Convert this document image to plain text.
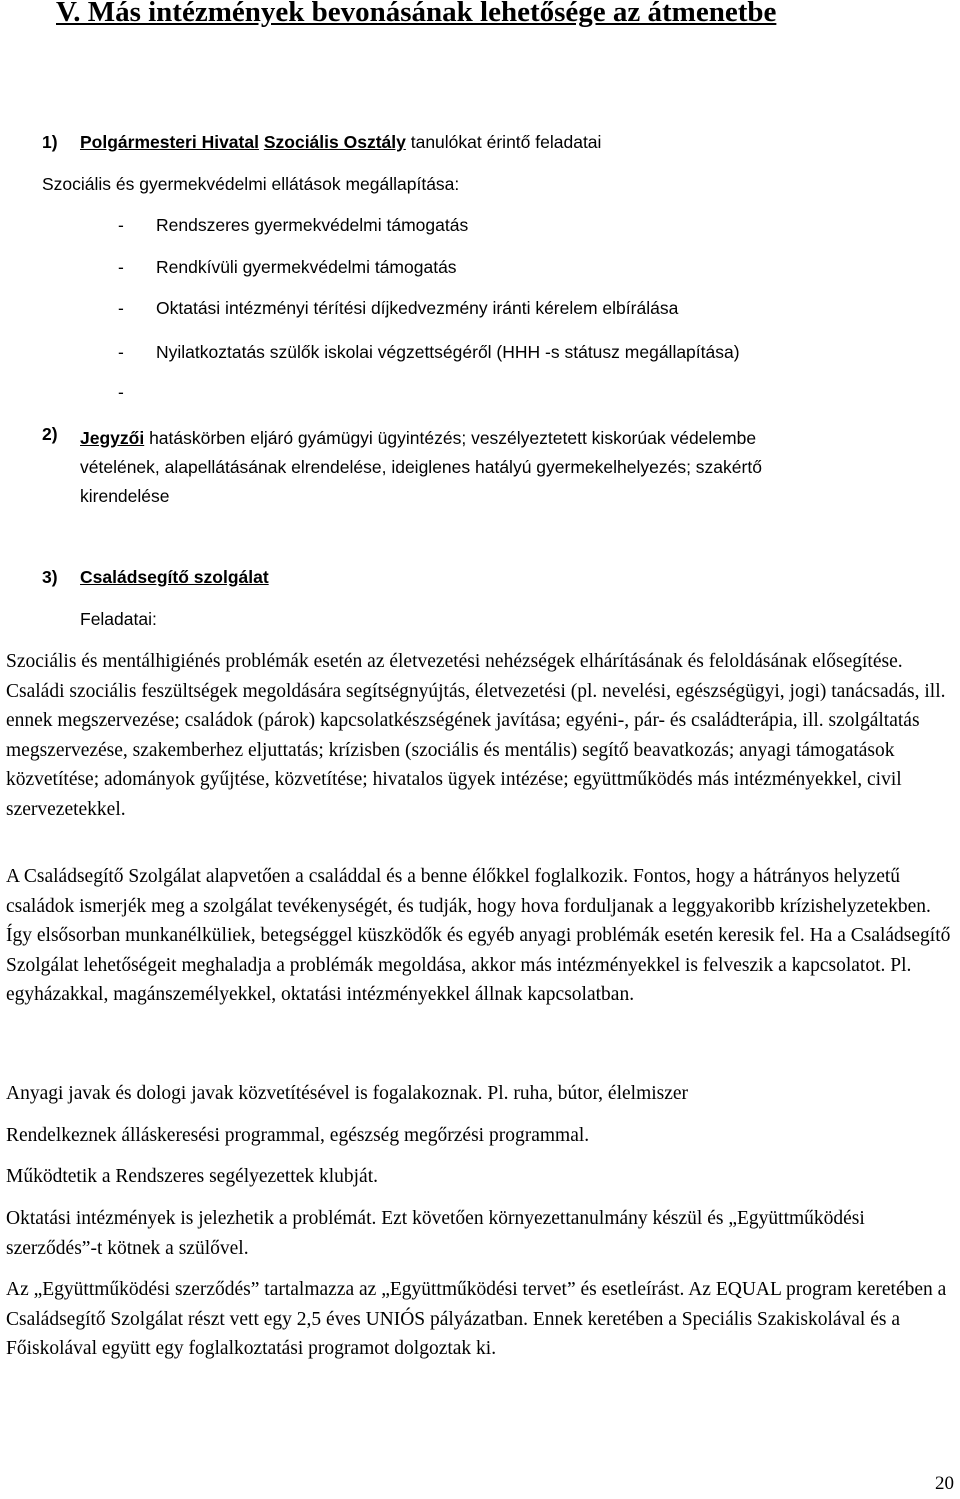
V. Más intézmények bevonásának lehetősége az átmenetbe
1) Polgármesteri Hivatal Szociális Osztály tanulókat érintő feladatai
Szociális és gyermekvédelmi ellátások megállapítása:
- Rendszeres gyermekvédelmi támogatás
- Rendkívüli gyermekvédelmi támogatás
- Oktatási intézményi térítési díjkedvezmény iránti kérelem elbírálása
- Nyilatkoztatás szülők iskolai végzettségéről (HHH -s státusz megállapítása)
-
2) Jegyzői hatáskörben eljáró gyámügyi ügyintézés; veszélyeztetett kiskorúak védelembe
vételének, alapellátásának elrendelése, ideiglenes hatályú gyermekelhelyezés; szakértő
kirendelése
3) Családsegítő szolgálat
Feladatai:
Szociális és mentálhigiénés problémák esetén az életvezetési nehézségek elhárításának és feloldásának elősegítése. Családi szociális feszültségek megoldására segítségnyújtás, életvezetési (pl. nevelési, egészségügyi, jogi) tanácsadás, ill. ennek megszervezése; családok (párok) kapcsolatkészségének javítása; egyéni-, pár- és családterápia, ill. szolgáltatás megszervezése, szakemberhez eljuttatás; krízisben (szociális és mentális) segítő beavatkozás; anyagi támogatások közvetítése; adományok gyűjtése, közvetítése; hivatalos ügyek intézése; együttműködés más intézményekkel, civil szervezetekkel.
A Családsegítő Szolgálat alapvetően a családdal és a benne élőkkel foglalkozik. Fontos, hogy a hátrányos helyzetű családok ismerjék meg a szolgálat tevékenységét, és tudják, hogy hova forduljanak a leggyakoribb krízishelyzetekben. Így elsősorban munkanélküliek, betegséggel küszködők és egyéb anyagi problémák esetén keresik fel. Ha a Családsegítő Szolgálat lehetőségeit meghaladja a problémák megoldása, akkor más intézményekkel is felveszik a kapcsolatot. Pl. egyházakkal, magánszemélyekkel, oktatási intézményekkel állnak kapcsolatban.
Anyagi javak és dologi javak közvetítésével is fogalakoznak. Pl. ruha, bútor, élelmiszer
Rendelkeznek álláskeresési programmal, egészség megőrzési programmal.
Működtetik a Rendszeres segélyezettek klubját.
Oktatási intézmények is jelezhetik a problémát. Ezt követően környezettanulmány készül és „Együttműködési szerződés”-t kötnek a szülővel.
Az „Együttműködési szerződés” tartalmazza az „Együttműködési tervet” és esetleírást. Az EQUAL program keretében a Családsegítő Szolgálat részt vett egy 2,5 éves UNIÓS pályázatban. Ennek keretében a Speciális Szakiskolával és a Főiskolával együtt egy foglalkoztatási programot dolgoztak ki.
20
